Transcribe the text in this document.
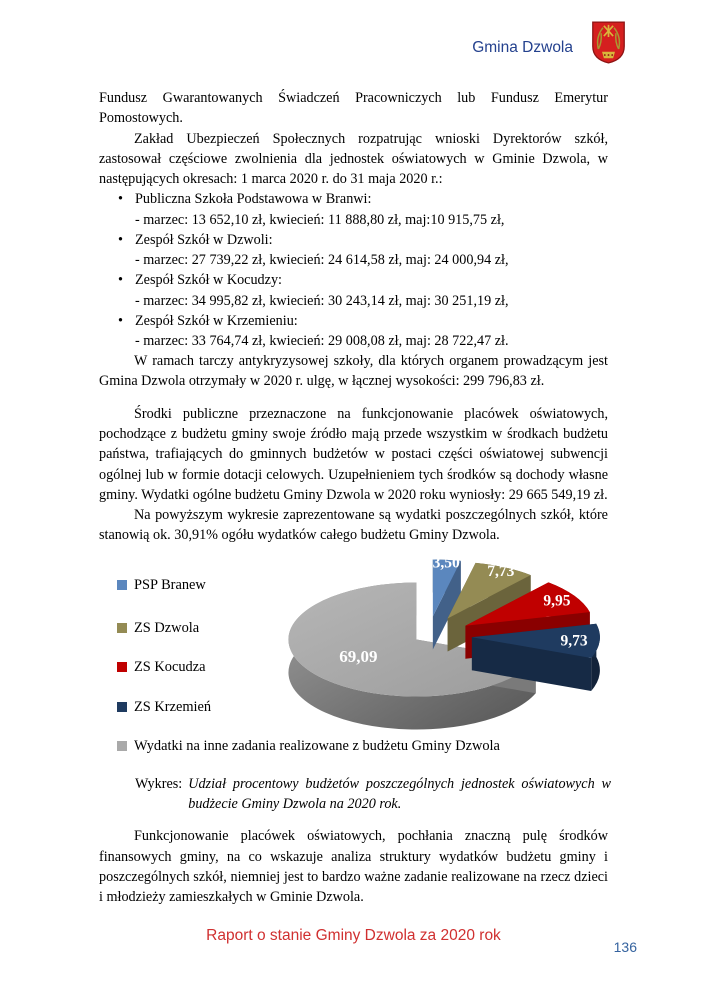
Gmina Dzwola

Fundusz Gwarantowanych Świadczeń Pracowniczych lub Fundusz Emerytur Pomostowych.

Zakład Ubezpieczeń Społecznych rozpatrując wnioski Dyrektorów szkół, zastosował częściowe zwolnienia dla jednostek oświatowych w Gminie Dzwola, w następujących okresach: 1 marca 2020 r. do 31 maja 2020 r.:

• Publiczna Szkoła Podstawowa w Branwi:
- marzec: 13 652,10 zł, kwiecień: 11 888,80 zł, maj:10 915,75 zł,
• Zespół Szkół w Dzwoli:
- marzec: 27 739,22 zł, kwiecień: 24 614,58 zł, maj: 24 000,94 zł,
• Zespół Szkół w Kocudzy:
- marzec: 34 995,82 zł, kwiecień: 30 243,14 zł, maj: 30 251,19 zł,
• Zespół Szkół w Krzemieniu:
- marzec: 33 764,74 zł, kwiecień: 29 008,08 zł, maj: 28 722,47 zł.

W ramach tarczy antykryzysowej szkoły, dla których organem prowadzącym jest Gmina Dzwola otrzymały w 2020 r. ulgę, w łącznej wysokości: 299 796,83 zł.

Środki publiczne przeznaczone na funkcjonowanie placówek oświatowych, pochodzące z budżetu gminy swoje źródło mają przede wszystkim w środkach budżetu państwa, trafiających do gminnych budżetów w postaci części oświatowej subwencji ogólnej lub w formie dotacji celowych. Uzupełnieniem tych środków są dochody własne gminy. Wydatki ogólne budżetu Gminy Dzwola w 2020 roku wyniosły: 29 665 549,19 zł.

Na powyższym wykresie zaprezentowane są wydatki poszczególnych szkół, które stanowią ok. 30,91% ogółu wydatków całego budżetu Gminy Dzwola.

69,09
3,50 7,73
9,95
9,73
PSP Branew
ZS Dzwola
ZS Kocudza
ZS Krzemień
Wydatki na inne zadania realizowane z budżetu Gminy Dzwola
Wykres: Udział procentowy budżetów poszczególnych jednostek oświatowych w budżecie Gminy Dzwola na 2020 rok.

Funkcjonowanie placówek oświatowych, pochłania znaczną pulę środków finansowych gminy, na co wskazuje analiza struktury wydatków budżetu gminy i poszczególnych szkół, niemniej jest to bardzo ważne zadanie realizowane na rzecz dzieci i młodzieży zamieszkałych w Gminie Dzwola.

Raport o stanie Gminy Dzwola za 2020 rok
136
